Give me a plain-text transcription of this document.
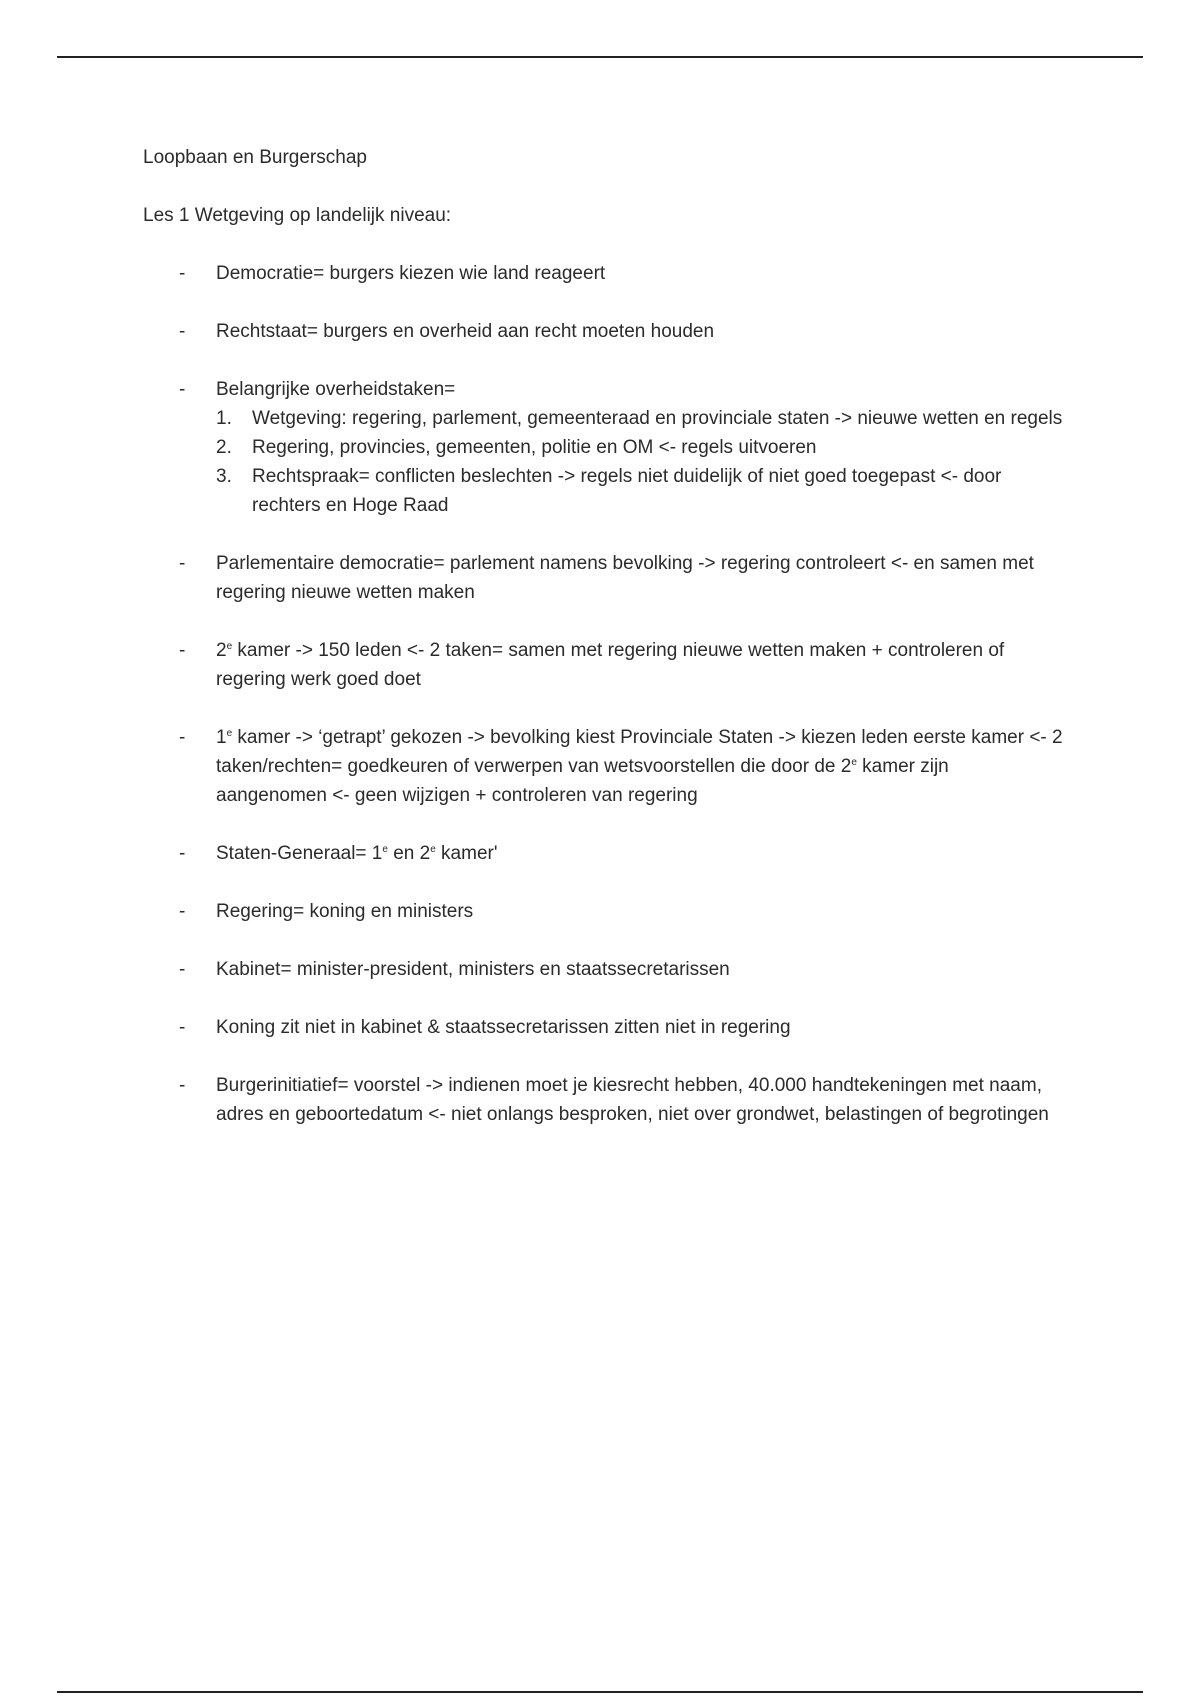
Loopbaan en Burgerschap

Les 1 Wetgeving op landelijk niveau:

- Democratie= burgers kiezen wie land reageert
- Rechtstaat= burgers en overheid aan recht moeten houden
- Belangrijke overheidstaken=
1. Wetgeving: regering, parlement, gemeenteraad en provinciale staten -> nieuwe wetten en regels
2. Regering, provincies, gemeenten, politie en OM <- regels uitvoeren
3. Rechtspraak= conflicten beslechten -> regels niet duidelijk of niet goed toegepast <- door rechters en Hoge Raad
- Parlementaire democratie= parlement namens bevolking -> regering controleert <- en samen met regering nieuwe wetten maken
- 2e kamer -> 150 leden <- 2 taken= samen met regering nieuwe wetten maken + controleren of regering werk goed doet
- 1e kamer -> ‘getrapt’ gekozen -> bevolking kiest Provinciale Staten -> kiezen leden eerste kamer <- 2 taken/rechten= goedkeuren of verwerpen van wetsvoorstellen die door de 2e kamer zijn aangenomen <- geen wijzigen + controleren van regering
- Staten-Generaal= $1^e$ en 2e kamer'
- Regering= koning en ministers
- Kabinet= minister-president, ministers en staatssecretarissen
- Koning zit niet in kabinet & staatssecretarissen zitten niet in regering
- Burgerinitiatief= voorstel -> indienen moet je kiesrecht hebben, 40.000 handtekeningen met naam, adres en geboortedatum <- niet onlangs besproken, niet over grondwet, belastingen of begrotingen
